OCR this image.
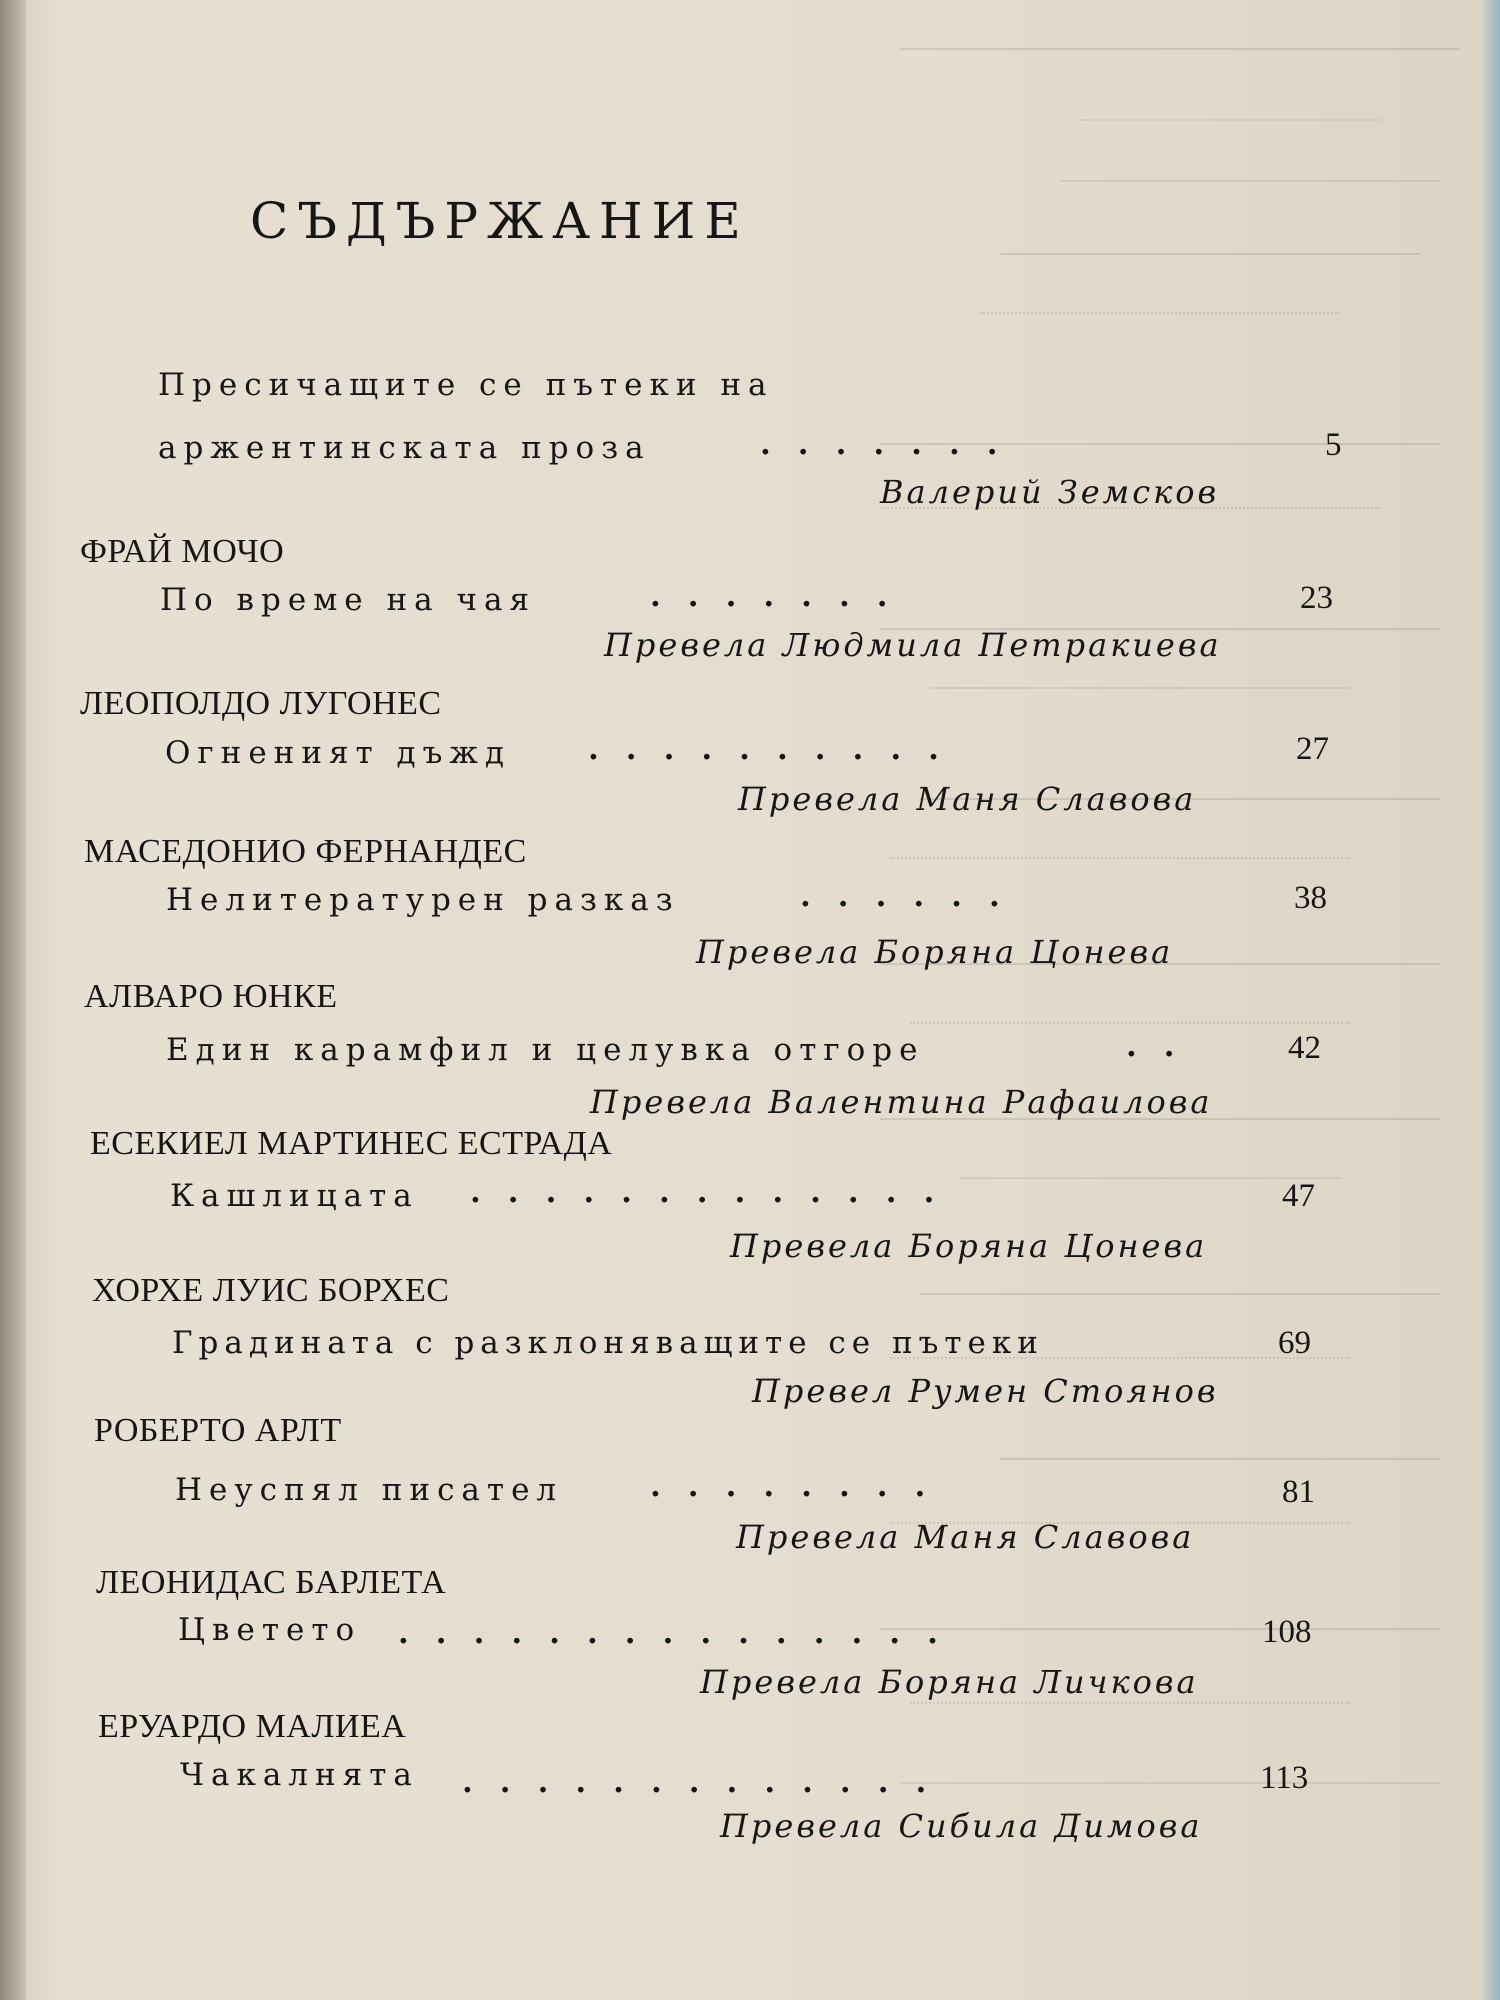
СЪДЪРЖАНИЕ
Пресичащите се пътеки на
аржентинската проза	.......	5
Валерий Земсков
ФРАЙ МОЧО
По време на чая	.......	23
Превела Людмила Петракиева
ЛЕОПОЛДО ЛУГОНЕС
Огненият дъжд ..........	27
Превела Маня Славова
МАСЕДОНИО ФЕРНАНДЕС
Нелитературен разказ	......	38
Превела Боряна Цонева
АЛВАРО ЮНКЕ
Един карамфил и целувка отгоре	..	42
Превела Валентина Рафаилова
ЕСЕКИЕЛ МАРТИНЕС ЕСТРАДА
Кашлицата .............	47
Превела Боряна Цонева
ХОРХЕ ЛУИС БОРХЕС
Градината с разклоняващите се пътеки	69
Превел Румен Стоянов
РОБЕРТО АРЛТ
Неуспял писател	........	81
Превела Маня Славова
ЛЕОНИДАС БАРЛЕТА
Цветето ...............	108
Превела Боряна Личкова
ЕРУАРДО МАЛИЕА
Чакалнята .............	113
Превела Сибила Димова
